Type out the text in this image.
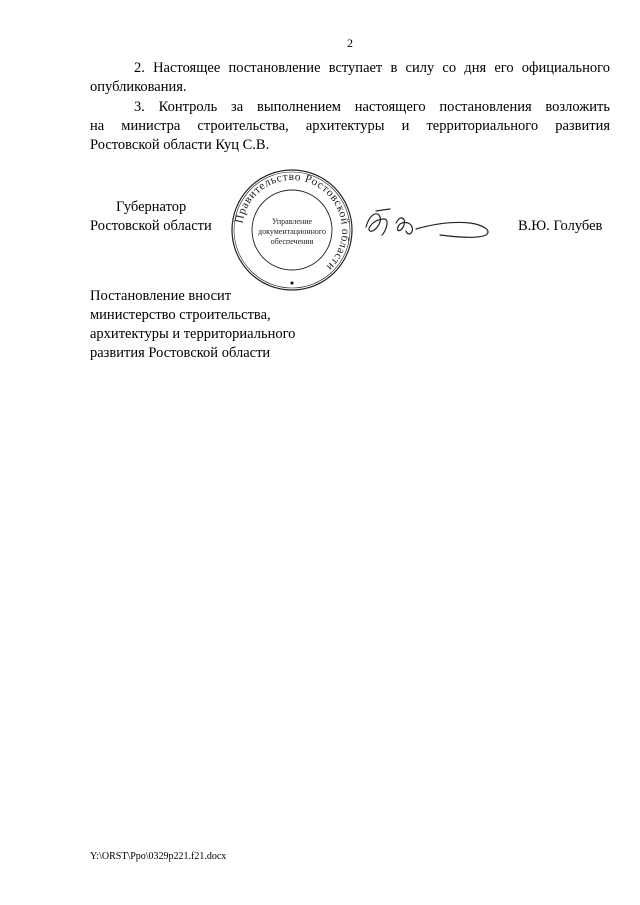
2
2. Настоящее постановление вступает в силу со дня его официального
опубликования.
3. Контроль за выполнением настоящего постановления возложить
на министра строительства, архитектуры и территориального развития
Ростовской области Куц С.В.
Губернатор
Ростовской области Правительство Ростовской области
Управление
документационного
обеспечения
В.Ю. Голубев
Постановление вносит
министерство строительства,
архитектуры и территориального
развития Ростовской области
Y:\ORST\Ppo\0329p221.f21.docx
